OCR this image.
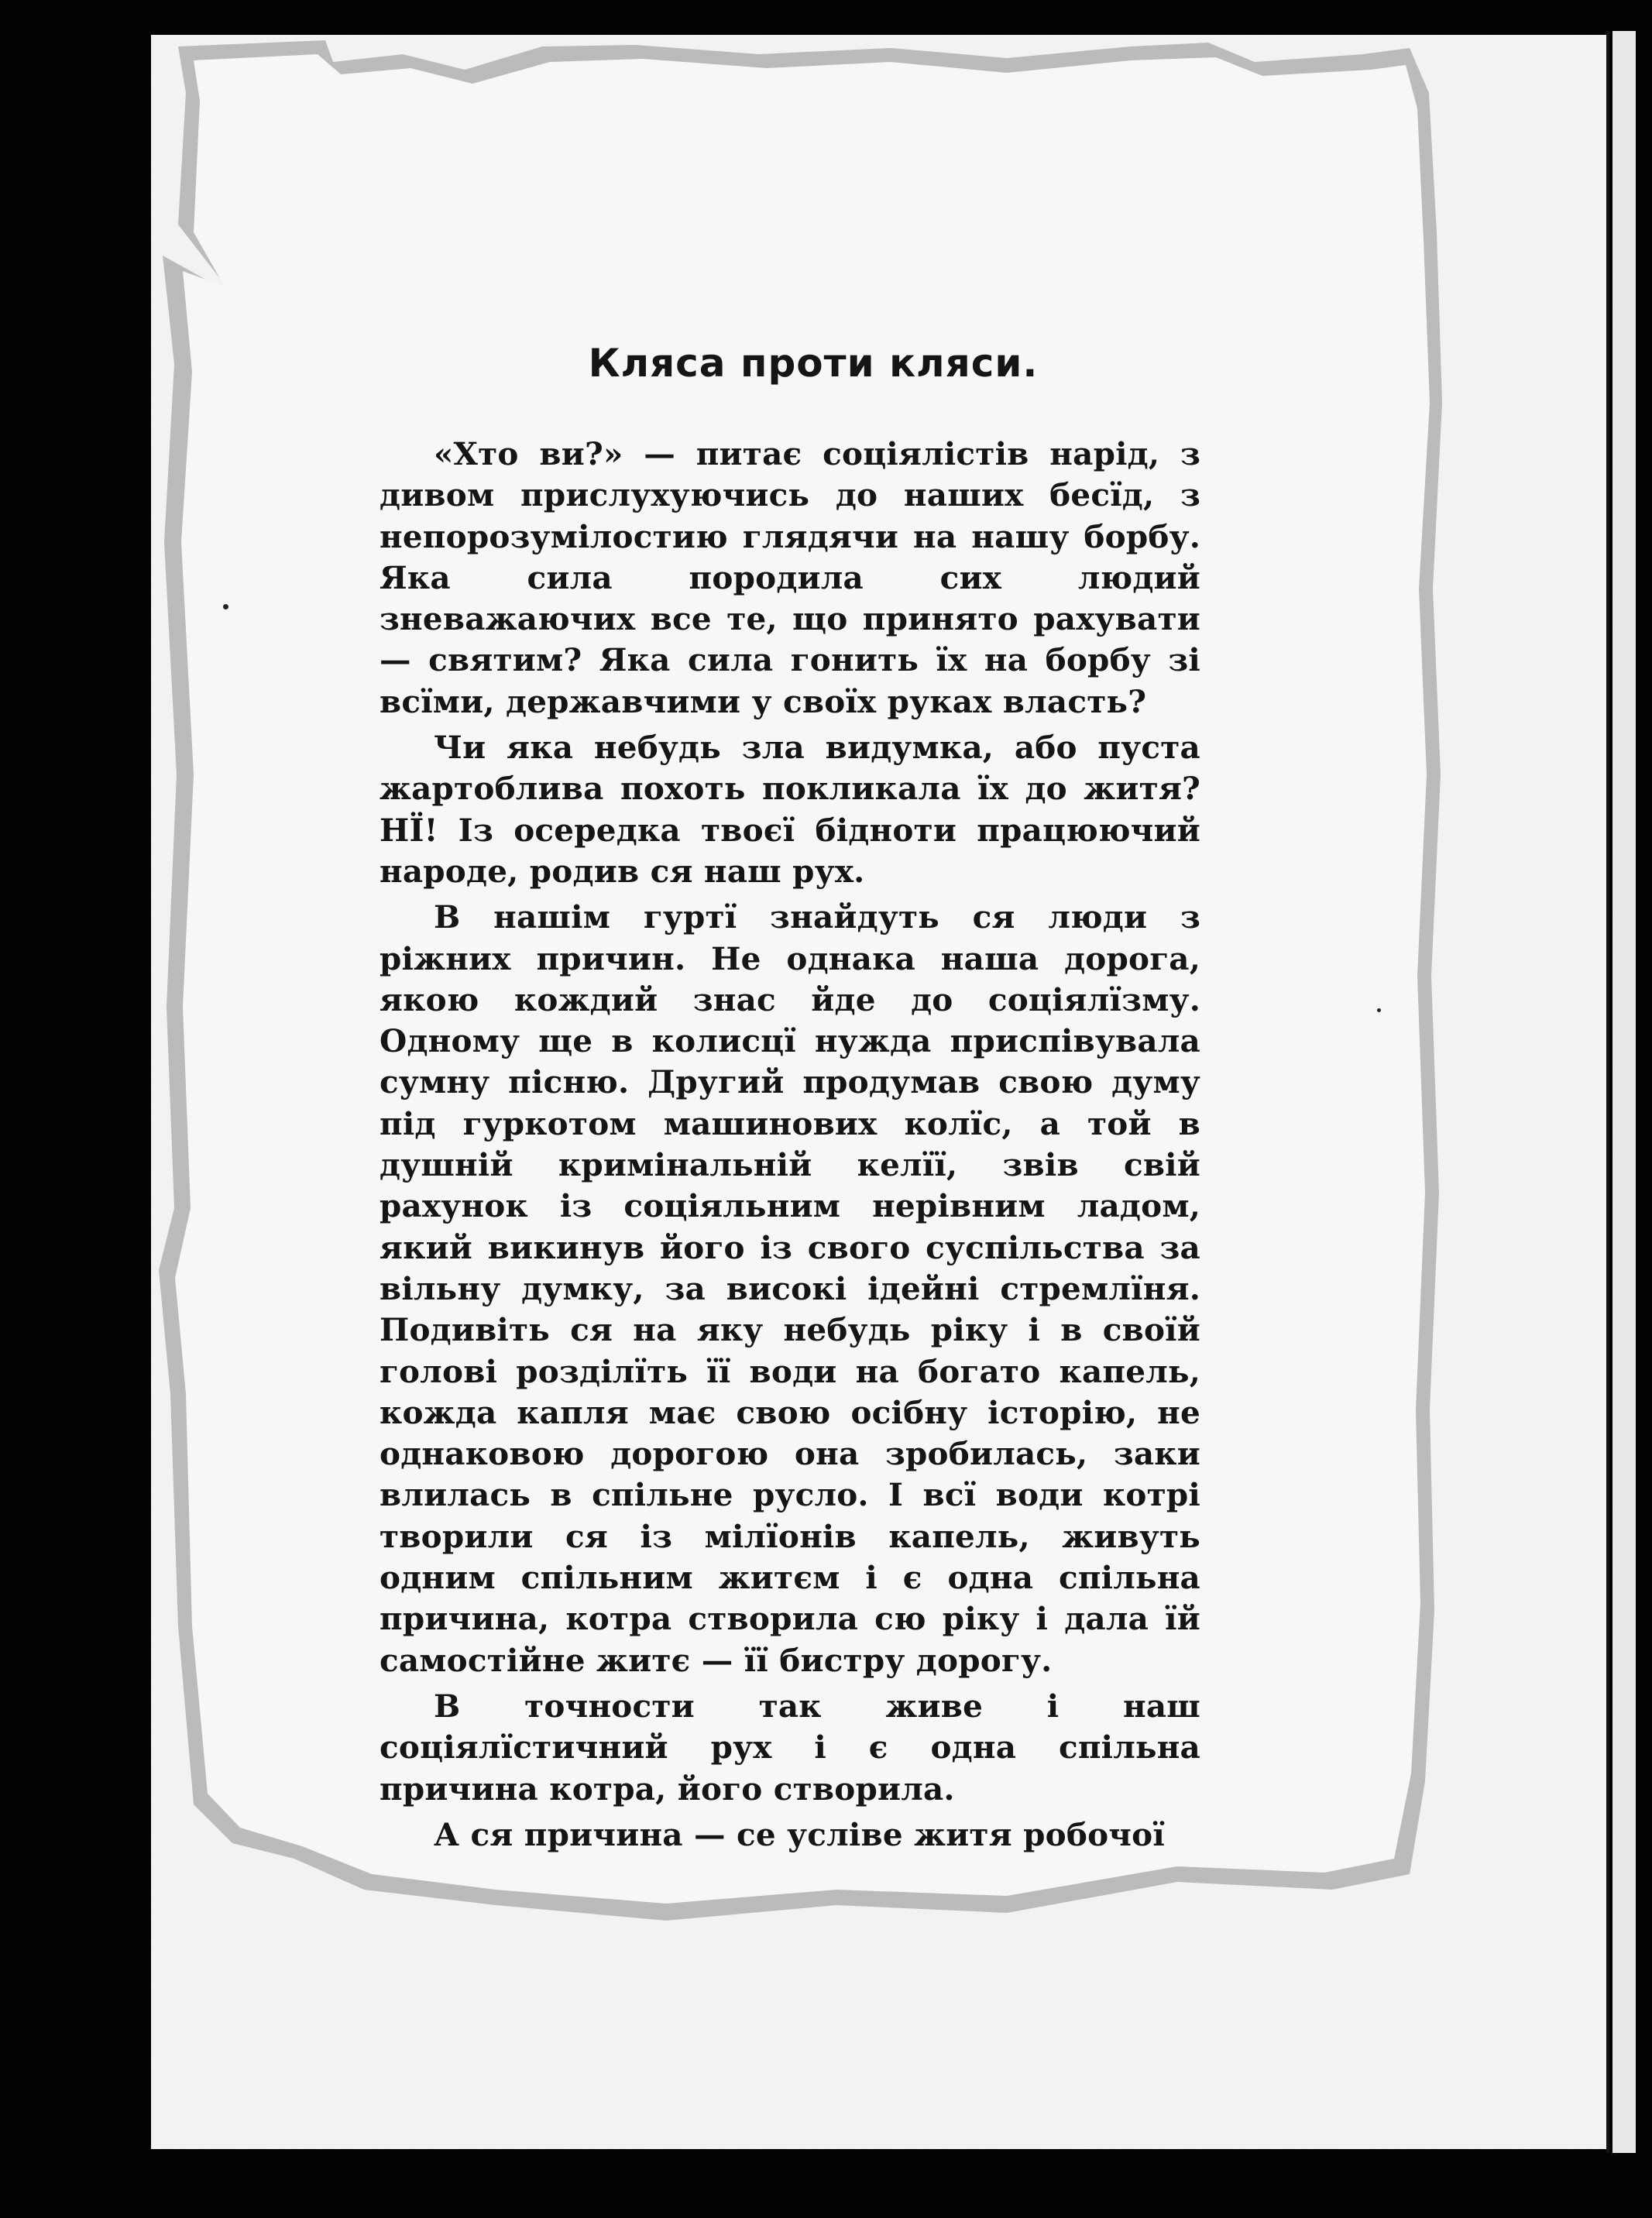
Кляса проти кляси.

«Хто ви?» — питає соціялістів нарід, з дивом прислухуючись до наших бесїд, з непорозумілостию глядячи на нашу борбу. Яка сила породила сих людий зневажаючих все те, що принято рахувати — святим? Яка сила гонить їх на борбу зі всїми, державчими у своїх руках власть?

Чи яка небудь зла видумка, або пуста жартоблива похоть покликала їх до житя? НЇ! Із осередка твоєї бідноти працюючий народе, родив ся наш рух.

В нашім гуртї знайдуть ся люди з ріжних причин. Не однака наша дорога, якою кождий знас йде до соціялїзму. Одному ще в колисцї нужда приспівувала сумну пісню. Другий продумав свою думу під гуркотом машинових колїс, а той в душній кримінальній келїї, звів свій рахунок із соціяльним нерівним ладом, який викинув його із свого суспільства за вільну думку, за високі ідейні стремлїня. Подивіть ся на яку небудь ріку і в своїй голові розділїть її води на богато капель, кожда капля має свою осібну історію, не однаковою дорогою она зробилась, заки влилась в спільне русло. І всї води котрі творили ся із мілїонів капель, живуть одним спільним житєм і є одна спільна причина, котра створила сю ріку і дала їй самостійне житє — її бистру дорогу.

В точности так живе і наш соціялїстичний рух і є одна спільна причина котра, його створила.

А ся причина — се усліве житя робочої
